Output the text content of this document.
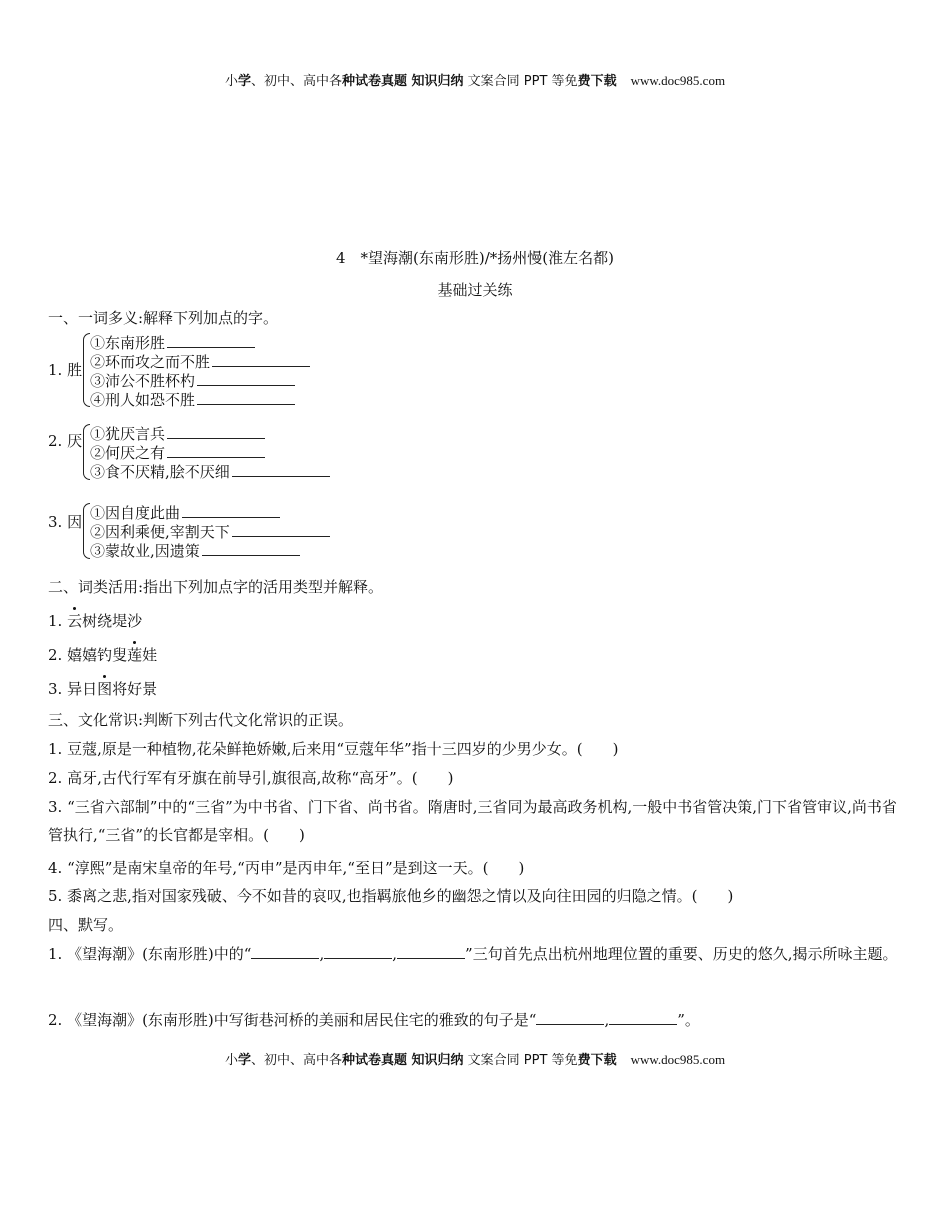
小学、初中、高中各种试卷真题 知识归纳 文案合同 PPT 等免费下载 www.doc985.com
4　*望海潮(东南形胜)/*扬州慢(淮左名都)
基础过关练
一、一词多义:解释下列加点的字。
1. 胜
①东南形胜
②环而攻之而不胜
③沛公不胜杯杓
④刑人如恐不胜
2. 厌 ①犹厌言兵
②何厌之有
③食不厌精,脍不厌细
3. 因 ①因自度此曲
②因利乘便,宰割天下
③蒙故业,因遗策
二、词类活用:指出下列加点字的活用类型并解释。
1. 云树绕堤沙
2. 嬉嬉钓叟莲娃
3. 异日图将好景
三、文化常识:判断下列古代文化常识的正误。
1. 豆蔻,原是一种植物,花朵鲜艳娇嫩,后来用“豆蔻年华”指十三四岁的少男少女。(　　)
2. 高牙,古代行军有牙旗在前导引,旗很高,故称“高牙”。(　　)
3. “三省六部制”中的“三省”为中书省、门下省、尚书省。隋唐时,三省同为最高政务机构,一般中书省管决策,门下省管审议,尚书省管执行,“三省”的长官都是宰相。(　　)
4. “淳熙”是南宋皇帝的年号,“丙申”是丙申年,“至日”是到这一天。(　　)
5. 黍离之悲,指对国家残破、今不如昔的哀叹,也指羁旅他乡的幽怨之情以及向往田园的归隐之情。(　　)
四、默写。
1. 《望海潮》(东南形胜)中的“	,	,	”三句首先点出杭州地理位置的重要、历史的悠久,揭示所咏主题。
2. 《望海潮》(东南形胜)中写街巷河桥的美丽和居民住宅的雅致的句子是“	,	”。
小学、初中、高中各种试卷真题 知识归纳 文案合同 PPT 等免费下载 www.doc985.com
